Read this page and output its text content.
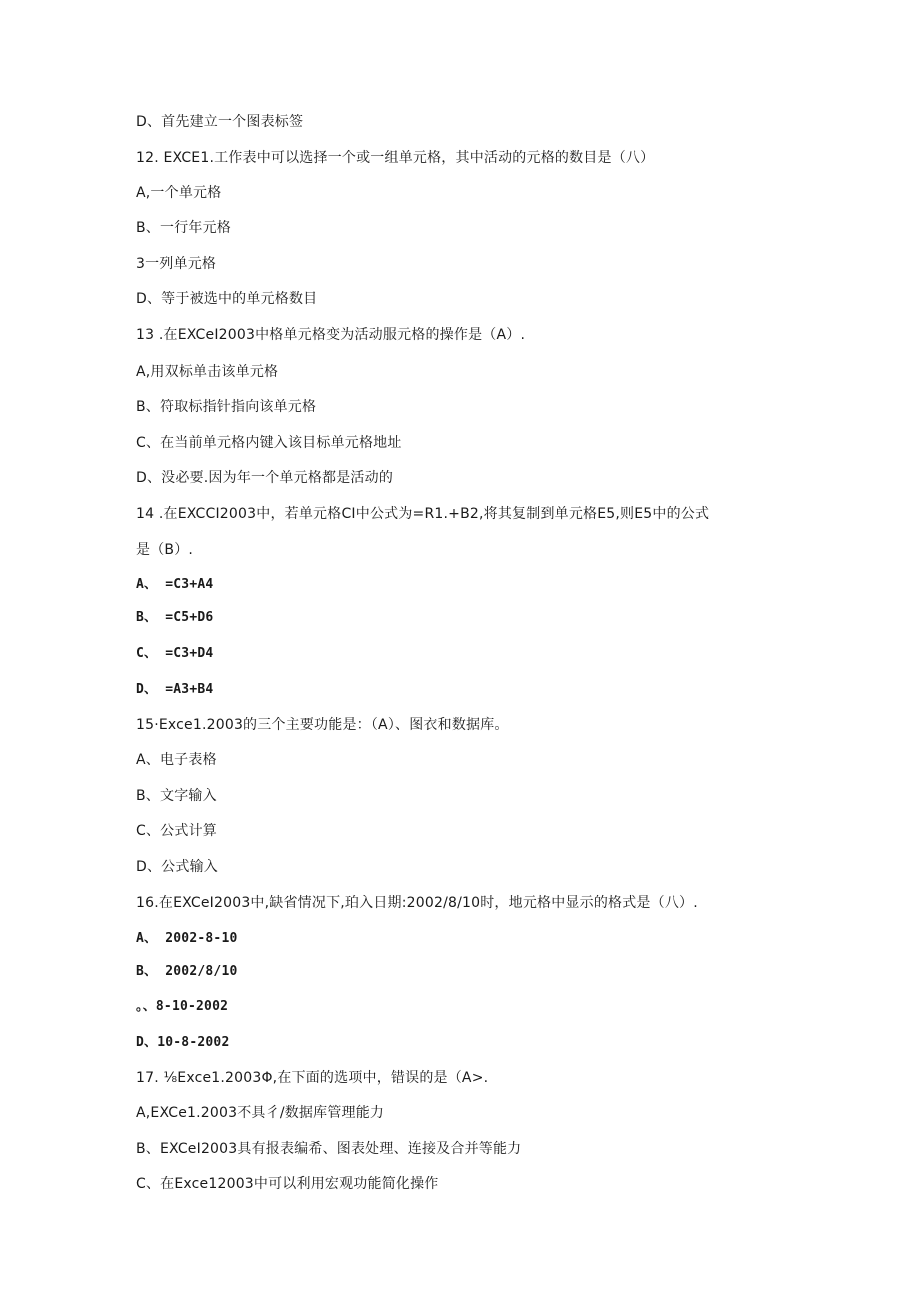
D、首先建立一个图表标签
12. EXCE1.工作表中可以选择一个或一组单元格，其中活动的元格的数目是（八）
A,一个单元格
B、一行年元格
3一列单元格
D、等于被选中的单元格数目
13 .在EXCeI2003中格单元格变为活动服元格的操作是（A）.
A,用双标单击该单元格
B、符取标指针指向该单元格
C、在当前单元格内键入该目标单元格地址
D、没必要.因为年一个单元格都是活动的
14 .在EXCCI2003中，若单元格CI中公式为=R1.+B2,将其复制到单元格E5,则E5中的公式
是（B）.
A、 =C3+A4
B、 =C5+D6
C、 =C3+D4
D、 =A3+B4
15·Exce1.2003的三个主要功能是：（A）、图衣和数据库。
A、电子表格
B、文字输入
C、公式计算
D、公式输入
16.在EXCeI2003中,缺省情况下,珀入日期:2002/8/10时，地元格中显示的格式是（八）.
A、 2002-8-10
B、 2002/8/10
。、8-10-2002
D、10-8-2002
17. ⅛Exce1.2003Φ,在下面的选项中，错误的是（A>.
A,EXCe1.2003不具彳/数据库管理能力
B、EXCeI2003具有报表编希、图表处理、连接及合并等能力
C、在Exce12003中可以利用宏观功能简化操作
